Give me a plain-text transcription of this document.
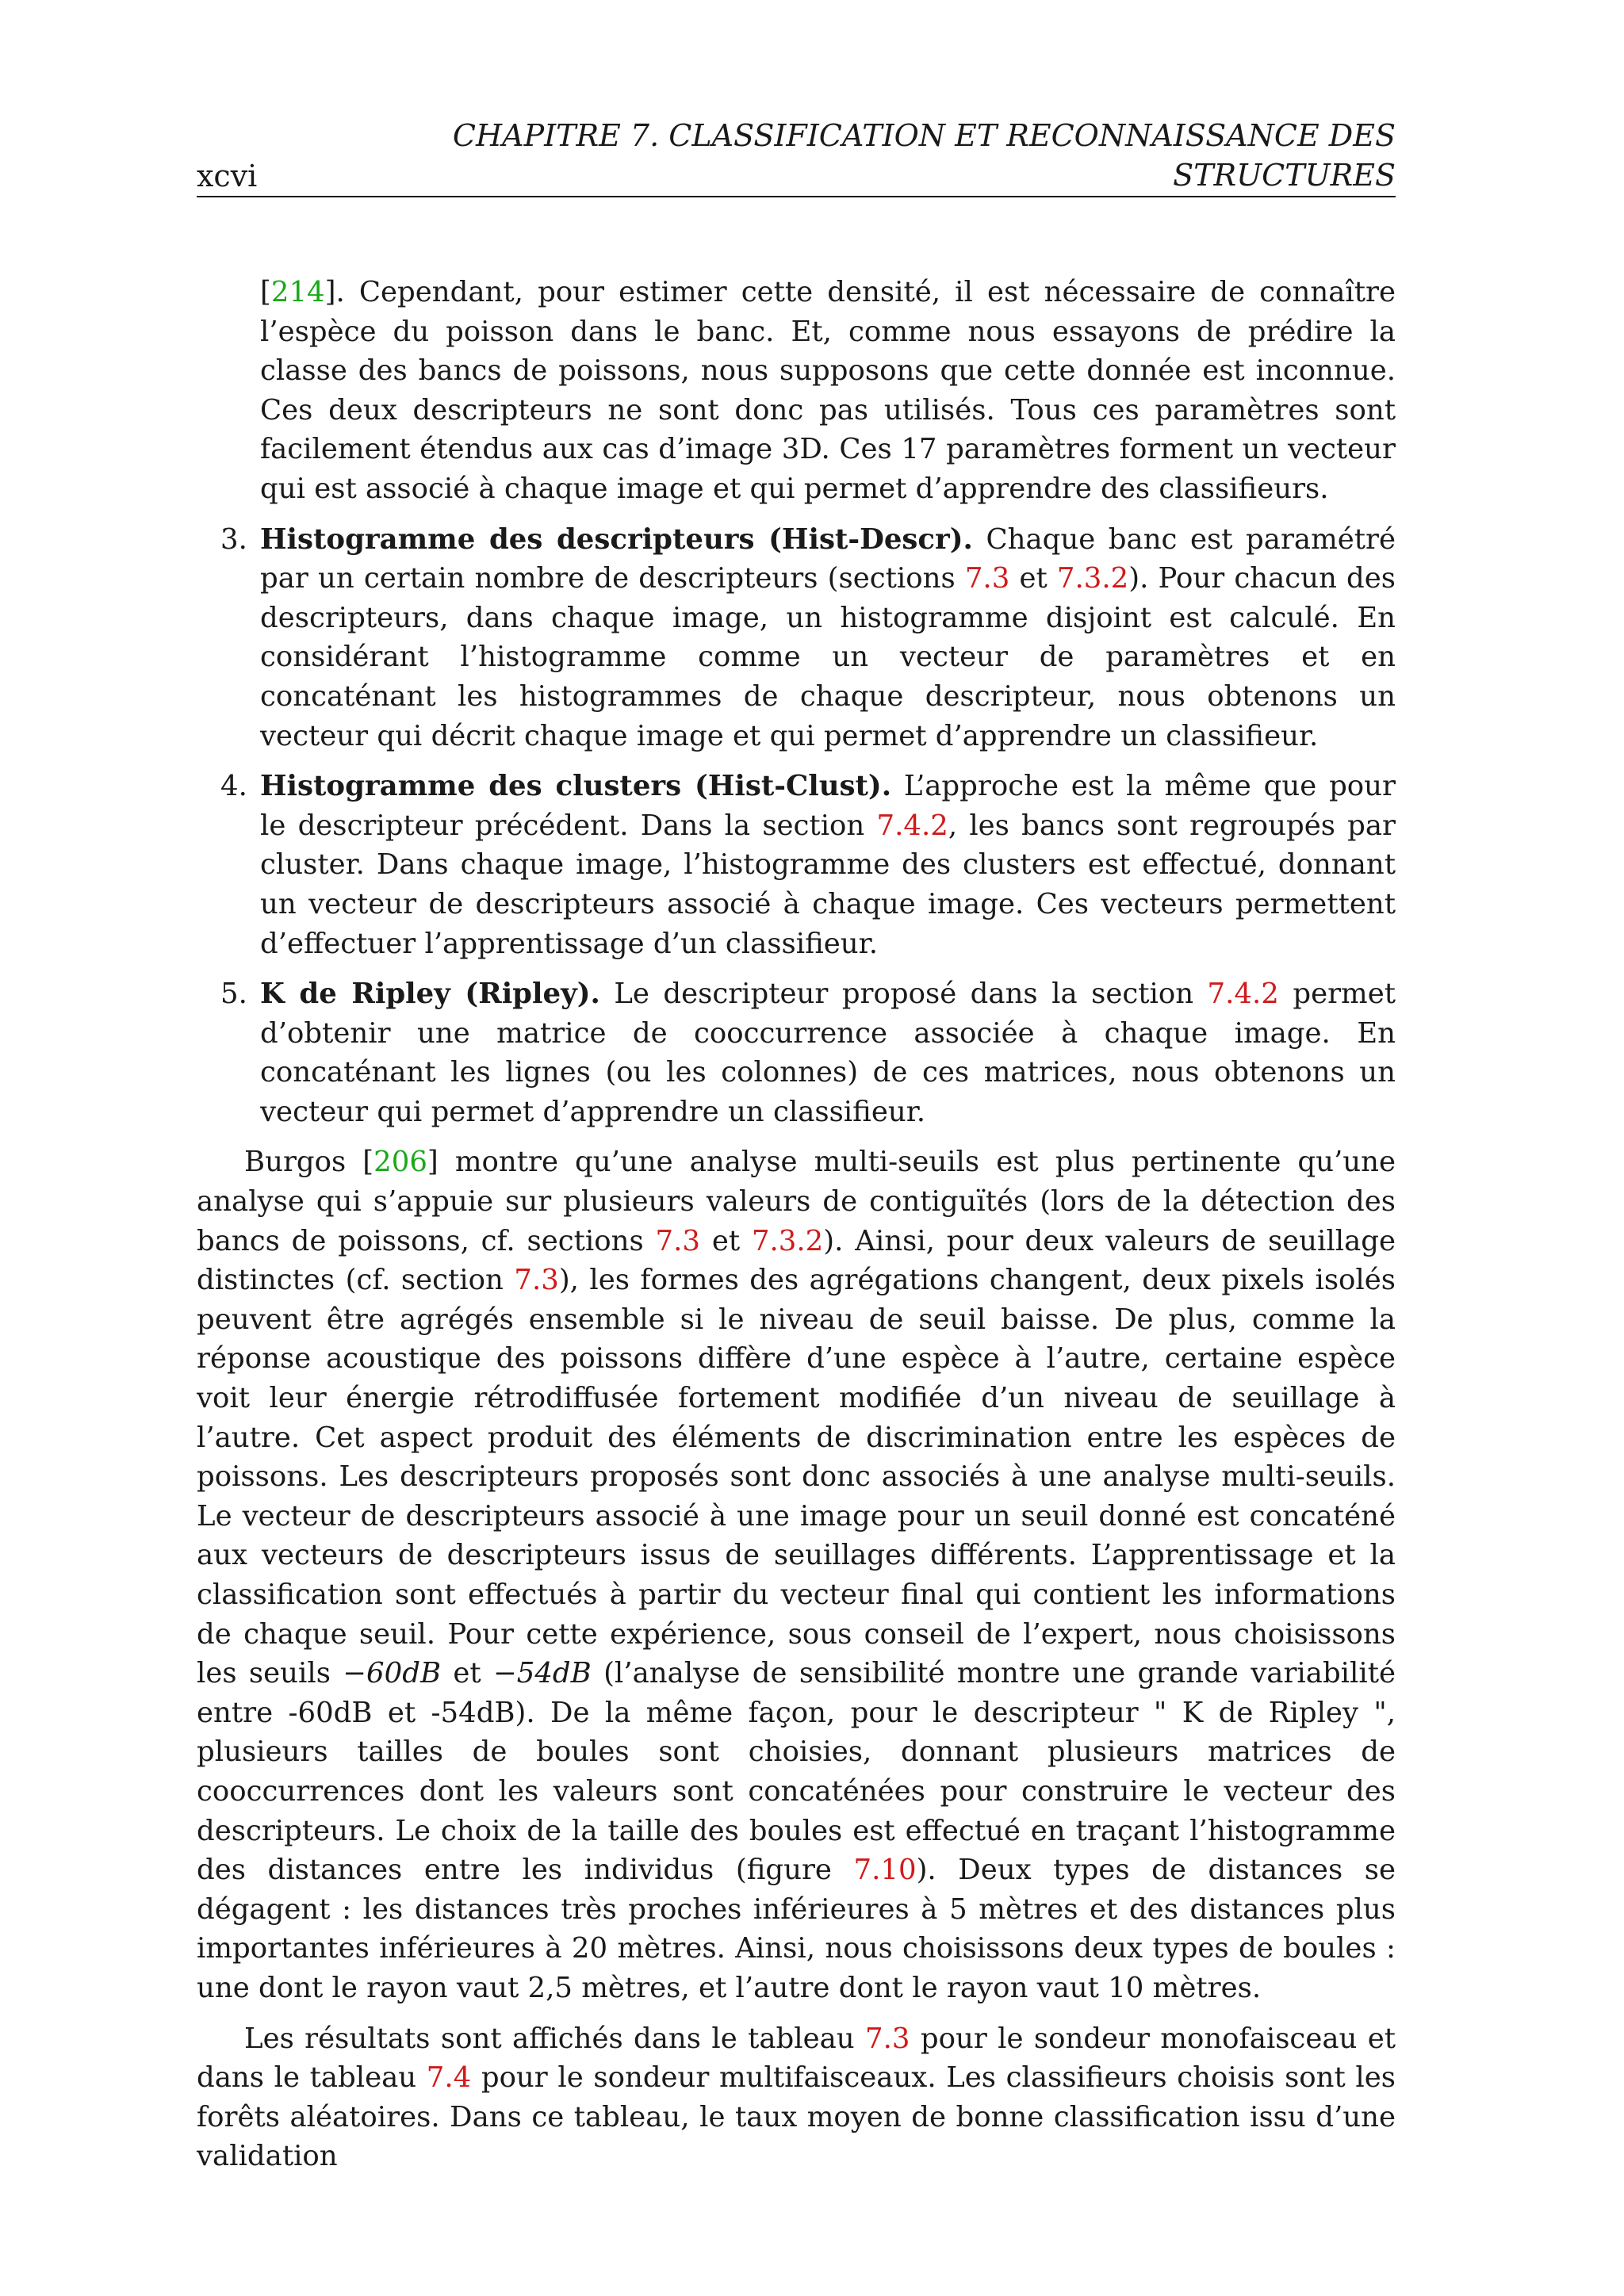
xcvi
CHAPITRE 7. CLASSIFICATION ET RECONNAISSANCE DES
STRUCTURES

[214]. Cependant, pour estimer cette densité, il est nécessaire de connaître l’espèce du poisson dans le banc. Et, comme nous essayons de prédire la classe des bancs de poissons, nous supposons que cette donnée est inconnue. Ces deux descripteurs ne sont donc pas utilisés. Tous ces paramètres sont facilement étendus aux cas d’image 3D. Ces 17 paramètres forment un vecteur qui est associé à chaque image et qui permet d’apprendre des classifieurs.

3. Histogramme des descripteurs (Hist-Descr). Chaque banc est paramétré par un certain nombre de descripteurs (sections 7.3 et 7.3.2). Pour chacun des descripteurs, dans chaque image, un histogramme disjoint est calculé. En considérant l’histogramme comme un vecteur de paramètres et en concaténant les histogrammes de chaque descripteur, nous obtenons un vecteur qui décrit chaque image et qui permet d’apprendre un classifieur.
4. Histogramme des clusters (Hist-Clust). L’approche est la même que pour le descripteur précédent. Dans la section 7.4.2, les bancs sont regroupés par cluster. Dans chaque image, l’histogramme des clusters est effectué, donnant un vecteur de descripteurs associé à chaque image. Ces vecteurs permettent d’effectuer l’apprentissage d’un classifieur.
5. K de Ripley (Ripley). Le descripteur proposé dans la section 7.4.2 permet d’obtenir une matrice de cooccurrence associée à chaque image. En concaténant les lignes (ou les colonnes) de ces matrices, nous obtenons un vecteur qui permet d’apprendre un classifieur.

Burgos [206] montre qu’une analyse multi-seuils est plus pertinente qu’une analyse qui s’appuie sur plusieurs valeurs de contiguïtés (lors de la détection des bancs de poissons, cf. sections 7.3 et 7.3.2). Ainsi, pour deux valeurs de seuillage distinctes (cf. section 7.3), les formes des agrégations changent, deux pixels isolés peuvent être agrégés ensemble si le niveau de seuil baisse. De plus, comme la réponse acoustique des poissons diffère d’une espèce à l’autre, certaine espèce voit leur énergie rétrodiffusée fortement modifiée d’un niveau de seuillage à l’autre. Cet aspect produit des éléments de discrimination entre les espèces de poissons. Les descripteurs proposés sont donc associés à une analyse multi-seuils. Le vecteur de descripteurs associé à une image pour un seuil donné est concaténé aux vecteurs de descripteurs issus de seuillages différents. L’apprentissage et la classification sont effectués à partir du vecteur final qui contient les informations de chaque seuil. Pour cette expérience, sous conseil de l’expert, nous choisissons les seuils −60dB et −54dB (l’analyse de sensibilité montre une grande variabilité entre -60dB et -54dB). De la même façon, pour le descripteur " K de Ripley ", plusieurs tailles de boules sont choisies, donnant plusieurs matrices de cooccurrences dont les valeurs sont concaténées pour construire le vecteur des descripteurs. Le choix de la taille des boules est effectué en traçant l’histogramme des distances entre les individus (figure 7.10). Deux types de distances se dégagent : les distances très proches inférieures à 5 mètres et des distances plus importantes inférieures à 20 mètres. Ainsi, nous choisissons deux types de boules : une dont le rayon vaut 2,5 mètres, et l’autre dont le rayon vaut 10 mètres.

Les résultats sont affichés dans le tableau 7.3 pour le sondeur monofaisceau et dans le tableau 7.4 pour le sondeur multifaisceaux. Les classifieurs choisis sont les forêts aléatoires. Dans ce tableau, le taux moyen de bonne classification issu d’une validation
